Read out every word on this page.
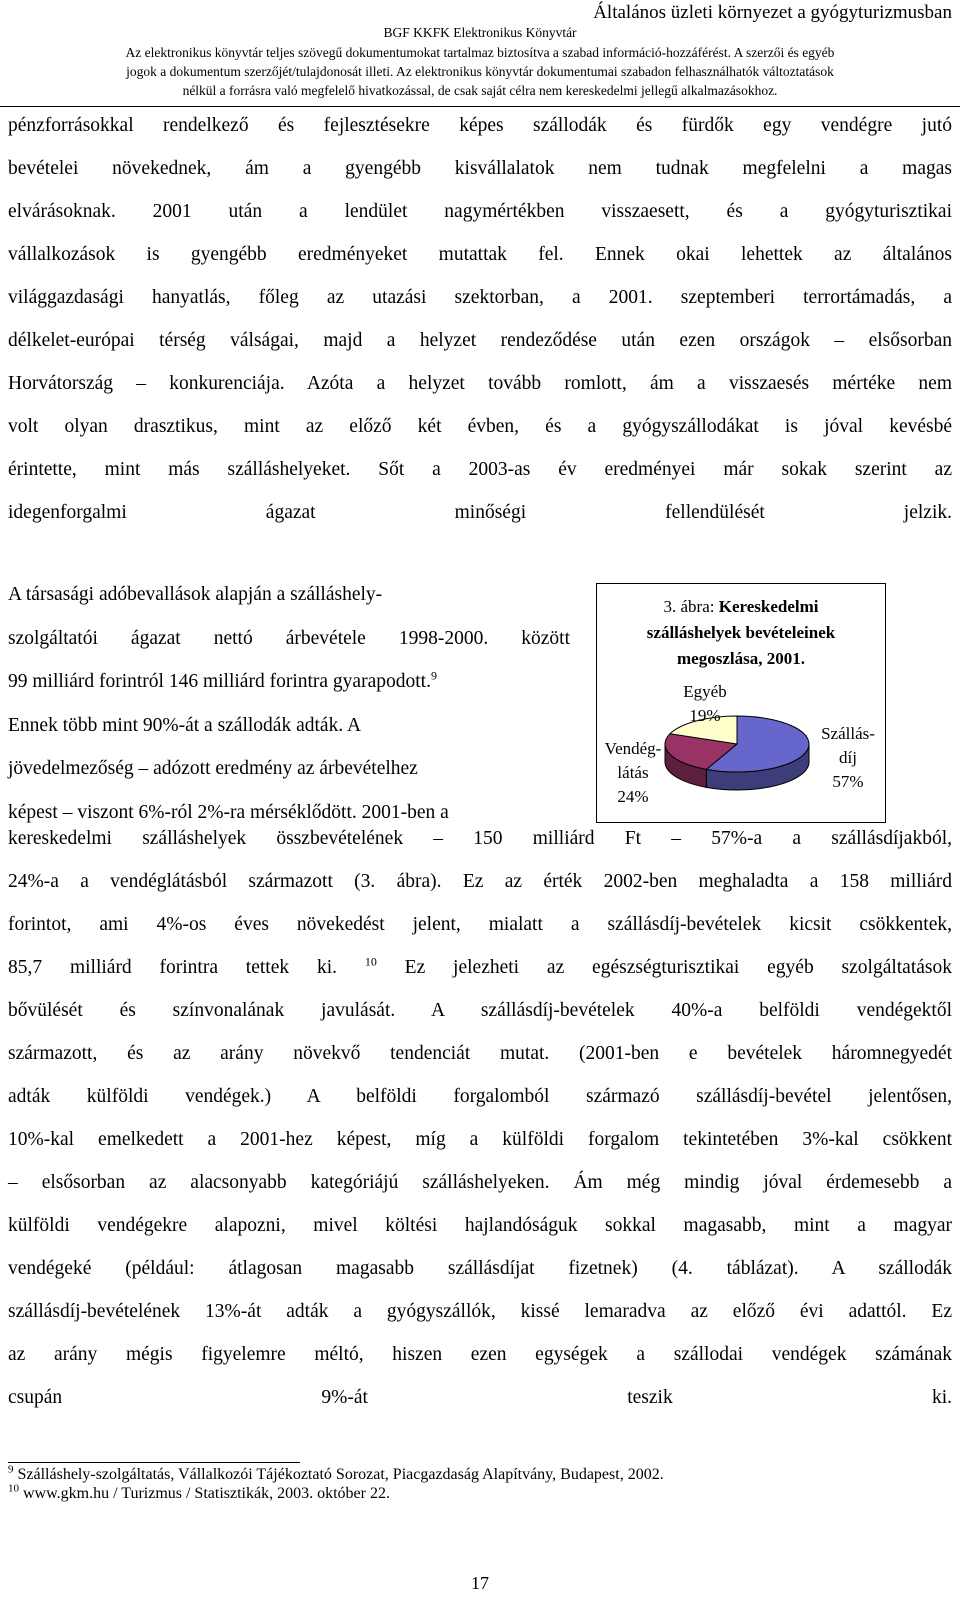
Általános üzleti környezet a gyógyturizmusban
BGF KKFK Elektronikus Könyvtár
Az elektronikus könyvtár teljes szövegű dokumentumokat tartalmaz biztosítva a szabad információ-hozzáférést. A szerzői és egyéb
jogok a dokumentum szerzőjét/tulajdonosát illeti. Az elektronikus könyvtár dokumentumai szabadon felhasználhatók változtatások
nélkül a forrásra való megfelelő hivatkozással, de csak saját célra nem kereskedelmi jellegű alkalmazásokhoz.
pénzforrásokkal rendelkező és fejlesztésekre képes szállodák és fürdők egy vendégre jutó
bevételei növekednek, ám a gyengébb kisvállalatok nem tudnak megfelelni a magas
elvárásoknak. 2001 után a lendület nagymértékben visszaesett, és a gyógyturisztikai
vállalkozások is gyengébb eredményeket mutattak fel. Ennek okai lehettek az általános
világgazdasági hanyatlás, főleg az utazási szektorban, a 2001. szeptemberi terrortámadás, a
délkelet-európai térség válságai, majd a helyzet rendeződése után ezen országok – elsősorban
Horvátország – konkurenciája. Azóta a helyzet tovább romlott, ám a visszaesés mértéke nem
volt olyan drasztikus, mint az előző két évben, és a gyógyszállodákat is jóval kevésbé
érintette, mint más szálláshelyeket. Sőt a 2003-as év eredményei már sokak szerint az
idegenforgalmi ágazat minőségi fellendülését jelzik.
A társasági adóbevallások alapján a szálláshely-
szolgáltatói ágazat nettó árbevétele 1998-2000. között
99 milliárd forintról 146 milliárd forintra gyarapodott.$^9$
Ennek több mint 90%-át a szállodák adták. A
jövedelmezőség – adózott eredmény az árbevételhez
képest – viszont 6%-ról 2%-ra mérséklődött. 2001-ben a
3. ábra: Kereskedelmi
szálláshelyek bevételeinek
megoszlása, 2001.
Egyéb
19%
Vendég-
látás
24%
Szállás-
díj
57%
kereskedelmi szálláshelyek összbevételének – 150 milliárd Ft – 57%-a a szállásdíjakból,
24%-a a vendéglátásból származott (3. ábra). Ez az érték 2002-ben meghaladta a 158 milliárd
forintot, ami 4%-os éves növekedést jelent, mialatt a szállásdíj-bevételek kicsit csökkentek,
85,7 milliárd forintra tettek ki. $^{10}$ Ez jelezheti az egészségturisztikai egyéb szolgáltatások
bővülését és színvonalának javulását. A szállásdíj-bevételek 40%-a belföldi vendégektől
származott, és az arány növekvő tendenciát mutat. (2001-ben e bevételek háromnegyedét
adták külföldi vendégek.) A belföldi forgalomból származó szállásdíj-bevétel jelentősen,
10%-kal emelkedett a 2001-hez képest, míg a külföldi forgalom tekintetében 3%-kal csökkent
– elsősorban az alacsonyabb kategóriájú szálláshelyeken. Ám még mindig jóval érdemesebb a
külföldi vendégekre alapozni, mivel költési hajlandóságuk sokkal magasabb, mint a magyar
vendégeké (például: átlagosan magasabb szállásdíjat fizetnek) (4. táblázat). A szállodák
szállásdíj-bevételének 13%-át adták a gyógyszállók, kissé lemaradva az előző évi adattól. Ez
az arány mégis figyelemre méltó, hiszen ezen egységek a szállodai vendégek számának
csupán 9%-át teszik ki.
$^9$ Szálláshely-szolgáltatás, Vállalkozói Tájékoztató Sorozat, Piacgazdaság Alapítvány, Budapest, 2002.
$^{10}$ www.gkm.hu / Turizmus / Statisztikák, 2003. október 22.
17
